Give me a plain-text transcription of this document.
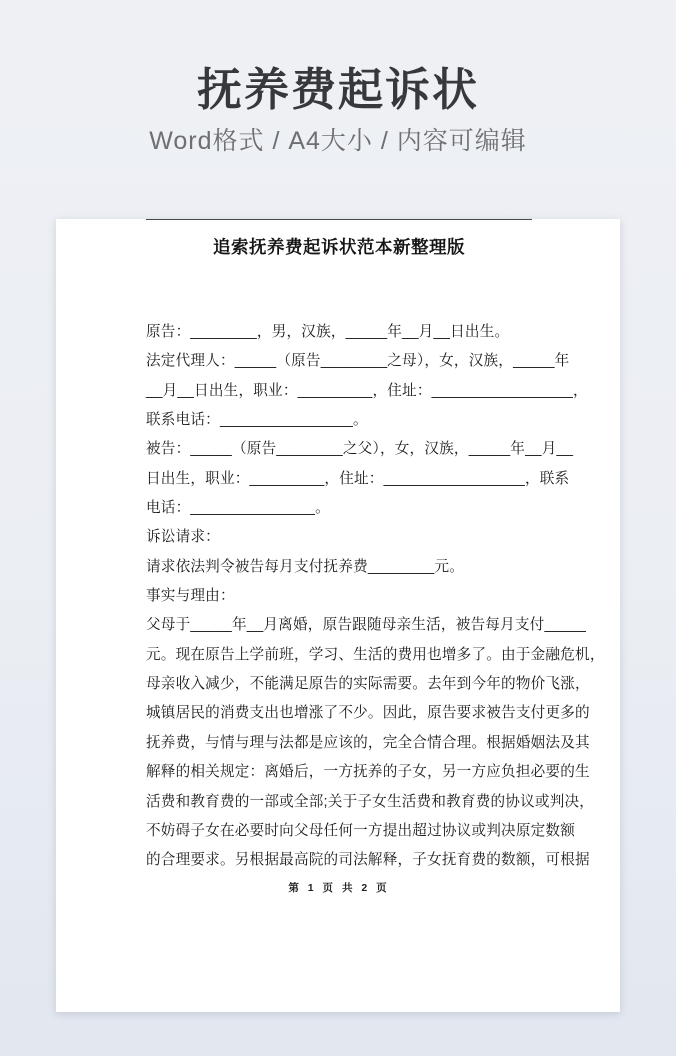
抚养费起诉状
Word格式 / A4大小 / 内容可编辑
追索抚养费起诉状范本新整理版
原告：________，男，汉族，_____年__月__日出生。
法定代理人：_____（原告________之母），女，汉族，_____年
__月__日出生，职业：_________，住址：_________________，
联系电话：________________。
被告：_____（原告________之父），女，汉族，_____年__月__
日出生，职业：_________，住址：_________________，联系
电话：_______________。
诉讼请求：
请求依法判令被告每月支付抚养费________元。
事实与理由：
父母于_____年__月离婚，原告跟随母亲生活，被告每月支付_____
元。现在原告上学前班，学习、生活的费用也增多了。由于金融危机，
母亲收入减少，不能满足原告的实际需要。去年到今年的物价飞涨，
城镇居民的消费支出也增涨了不少。因此，原告要求被告支付更多的
抚养费，与情与理与法都是应该的，完全合情合理。根据婚姻法及其
解释的相关规定：离婚后，一方抚养的子女，另一方应负担必要的生
活费和教育费的一部或全部;关于子女生活费和教育费的协议或判决，
不妨碍子女在必要时向父母任何一方提出超过协议或判决原定数额
的合理要求。另根据最高院的司法解释，子女抚育费的数额，可根据
第 1 页 共 2 页
